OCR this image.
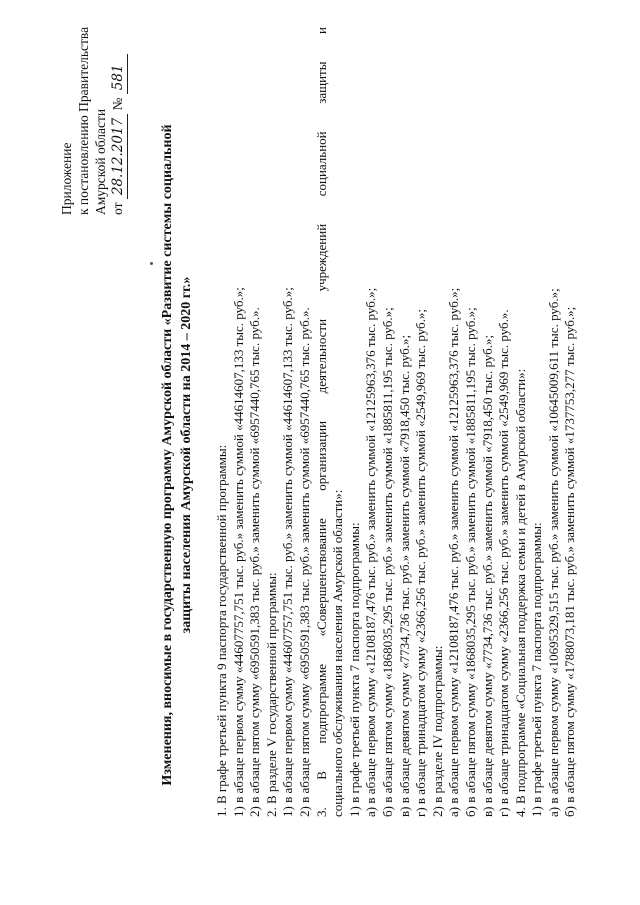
Приложение к постановлению Правительства Амурской области от 28.12.2017 № 581
Изменения, вносимые в государственную программу Амурской области «Развитие системы социальной защиты населения Амурской области на 2014 – 2020 гг.» 1. В графе третьей пункта 9 паспорта государственной программы: 1) в абзаце первом сумму «44607757,751 тыс. руб.» заменить суммой «44614607,133 тыс. руб.»; 2) в абзаце пятом сумму «6950591,383 тыс. руб.» заменить суммой «6957440,765 тыс. руб.». 2. В разделе V государственной программы: 1) в абзаце первом сумму «44607757,751 тыс. руб.» заменить суммой «44614607,133 тыс. руб.»; 2) в абзаце пятом сумму «6950591,383 тыс. руб.» заменить суммой «6957440,765 тыс. руб.». 3. В подпрограмме «Совершенствование организации деятельности учреждений социальной защиты и социального обслуживания населения Амурской области»: 1) в графе третьей пункта 7 паспорта подпрограммы: а) в абзаце первом сумму «12108187,476 тыс. руб.» заменить суммой «12125963,376 тыс. руб.»; б) в абзаце пятом сумму «1868035,295 тыс. руб.» заменить суммой «1885811,195 тыс. руб.»; в) в абзаце девятом сумму «7734,736 тыс. руб.» заменить суммой «7918,450 тыс. руб.»; г) в абзаце тринадцатом сумму «2366,256 тыс. руб.» заменить суммой «2549,969 тыс. руб.»; 2) в разделе IV подпрограммы: а) в абзаце первом сумму «12108187,476 тыс. руб.» заменить суммой «12125963,376 тыс. руб.»; б) в абзаце пятом сумму «1868035,295 тыс. руб.» заменить суммой «1885811,195 тыс. руб.»; в) в абзаце девятом сумму «7734,736 тыс. руб.» заменить суммой «7918,450 тыс. руб.»; г) в абзаце тринадцатом сумму «2366,256 тыс. руб.» заменить суммой «2549,969 тыс. руб.». 4. В подпрограмме «Социальная поддержка семьи и детей в Амурской области»: 1) в графе третьей пункта 7 паспорта подпрограммы: а) в абзаце первом сумму «10695329,515 тыс. руб.» заменить суммой «10645009,611 тыс. руб.»; б) в абзаце пятом сумму «1788073,181 тыс. руб.» заменить суммой «1737753,277 тыс. руб.»;
